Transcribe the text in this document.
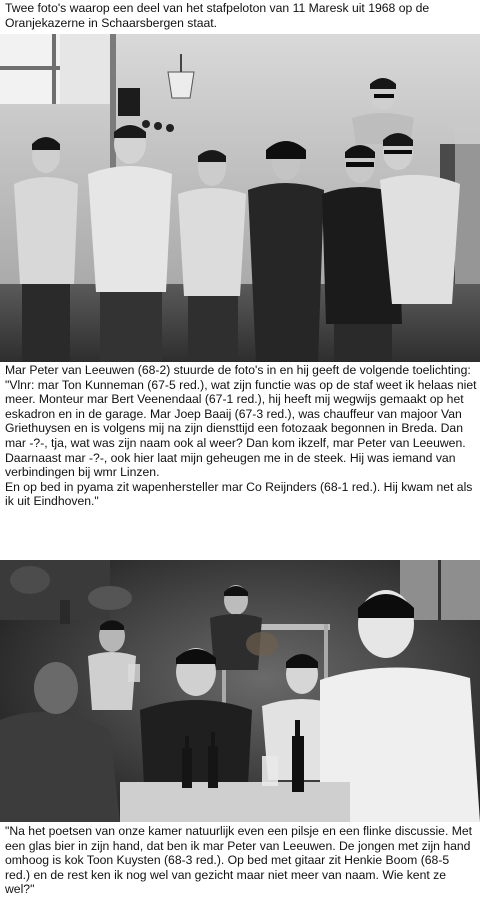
Twee foto's waarop een deel van het stafpeloton van 11 Maresk uit 1968 op de Oranjekazerne in Schaarsbergen staat.
Mar Peter van Leeuwen (68-2) stuurde de foto's in en hij geeft de volgende toelichting:
"Vlnr: mar Ton Kunneman (67-5 red.), wat zijn functie was op de staf weet ik helaas niet meer. Monteur mar Bert Veenendaal (67-1 red.), hij heeft mij wegwijs gemaakt op het eskadron en in de garage. Mar Joep Baaij (67-3 red.), was chauffeur van majoor Van Griethuysen en is volgens mij na zijn diensttijd een fotozaak begonnen in Breda. Dan mar -?-, tja, wat was zijn naam ook al weer? Dan kom ikzelf, mar Peter van Leeuwen. Daarnaast mar -?-, ook hier laat mijn geheugen me in de steek. Hij was iemand van verbindingen bij wmr Linzen.
En op bed in pyama zit wapenhersteller mar Co Reijnders (68-1 red.). Hij kwam net als ik uit Eindhoven."
"Na het poetsen van onze kamer natuurlijk even een pilsje en een flinke discussie. Met een glas bier in zijn hand, dat ben ik mar Peter van Leeuwen. De jongen met zijn hand omhoog is kok Toon Kuysten (68-3 red.). Op bed met gitaar zit Henkie Boom (68-5 red.) en de rest ken ik nog wel van gezicht maar niet meer van naam. Wie kent ze wel?"
